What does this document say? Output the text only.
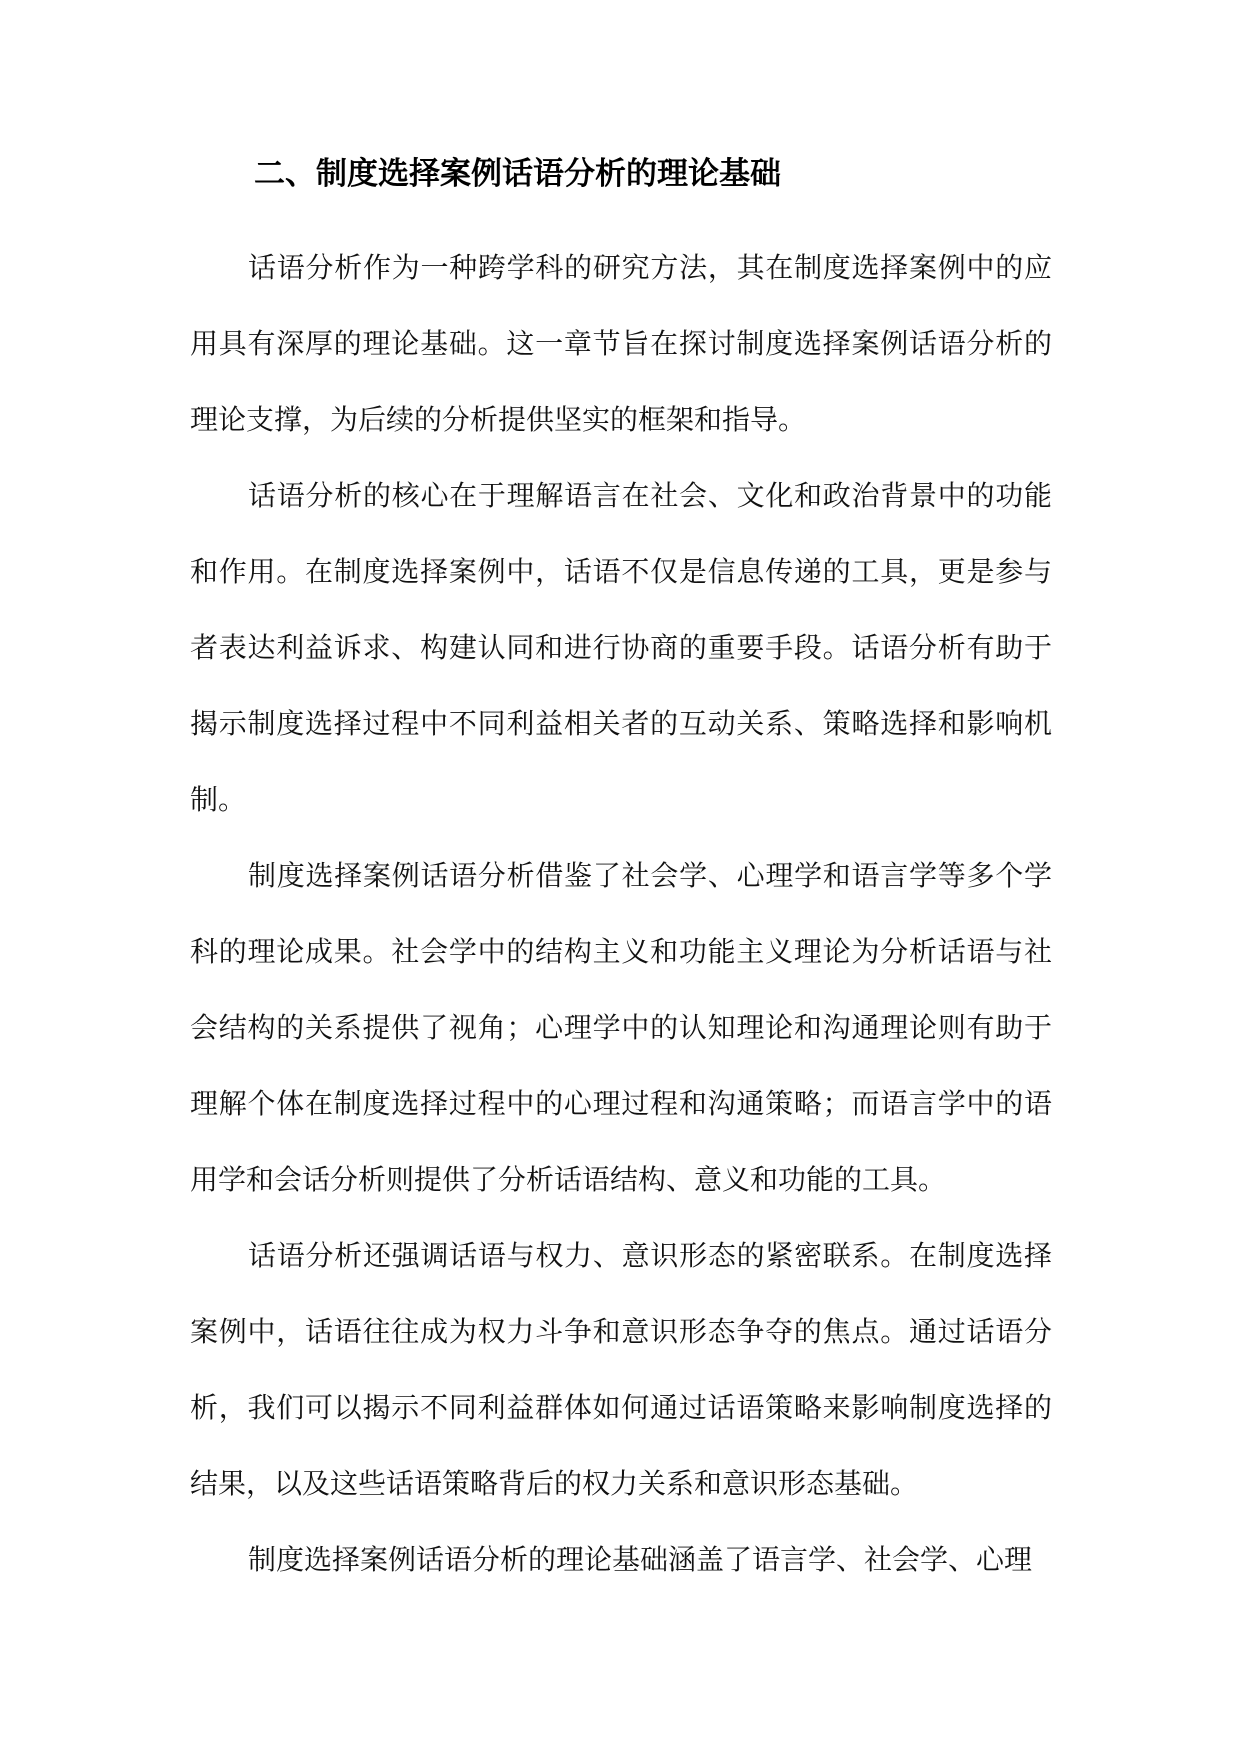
二、制度选择案例话语分析的理论基础

话语分析作为一种跨学科的研究方法，其在制度选择案例中的应用具有深厚的理论基础。这一章节旨在探讨制度选择案例话语分析的理论支撑，为后续的分析提供坚实的框架和指导。

话语分析的核心在于理解语言在社会、文化和政治背景中的功能和作用。在制度选择案例中，话语不仅是信息传递的工具，更是参与者表达利益诉求、构建认同和进行协商的重要手段。话语分析有助于揭示制度选择过程中不同利益相关者的互动关系、策略选择和影响机制。

制度选择案例话语分析借鉴了社会学、心理学和语言学等多个学科的理论成果。社会学中的结构主义和功能主义理论为分析话语与社会结构的关系提供了视角；心理学中的认知理论和沟通理论则有助于理解个体在制度选择过程中的心理过程和沟通策略；而语言学中的语用学和会话分析则提供了分析话语结构、意义和功能的工具。

话语分析还强调话语与权力、意识形态的紧密联系。在制度选择案例中，话语往往成为权力斗争和意识形态争夺的焦点。通过话语分析，我们可以揭示不同利益群体如何通过话语策略来影响制度选择的结果，以及这些话语策略背后的权力关系和意识形态基础。

制度选择案例话语分析的理论基础涵盖了语言学、社会学、心理
